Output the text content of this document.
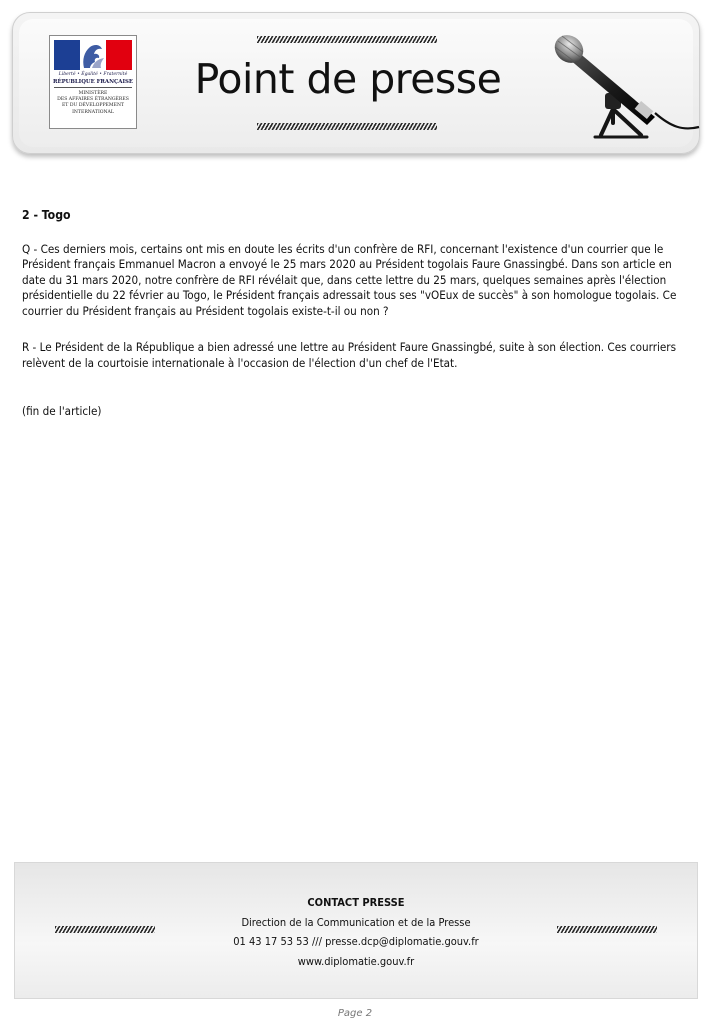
Liberté • Égalité • Fraternité
RÉPUBLIQUE FRANÇAISE
MINISTÈRE
DES AFFAIRES ÉTRANGÈRES
ET DU DÉVELOPPEMENT
INTERNATIONAL
Point de presse

2 - Togo

Q - Ces derniers mois, certains ont mis en doute les écrits d'un confrère de RFI, concernant l'existence d'un courrier que le Président français Emmanuel Macron a envoyé le 25 mars 2020 au Président togolais Faure Gnassingbé. Dans son article en date du 31 mars 2020, notre confrère de RFI révélait que, dans cette lettre du 25 mars, quelques semaines après l'élection présidentielle du 22 février au Togo, le Président français adressait tous ses "vOEux de succès" à son homologue togolais. Ce courrier du Président français au Président togolais existe-t-il ou non ?

R - Le Président de la République a bien adressé une lettre au Président Faure Gnassingbé, suite à son élection. Ces courriers relèvent de la courtoisie internationale à l'occasion de l'élection d'un chef de l'Etat.

(fin de l'article)

CONTACT PRESSE
Direction de la Communication et de la Presse
01 43 17 53 53 /// presse.dcp@diplomatie.gouv.fr
www.diplomatie.gouv.fr
Page 2
